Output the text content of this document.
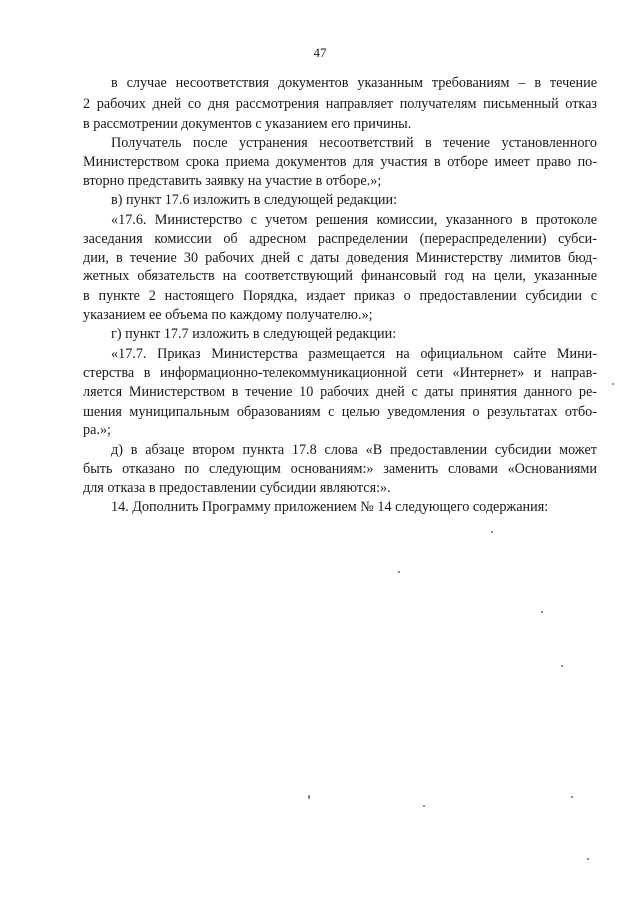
47
в случае несоответствия документов указанным требованиям – в течение
2 рабочих дней со дня рассмотрения направляет получателям письменный отказ
в рассмотрении документов с указанием его причины.
Получатель после устранения несоответствий в течение установленного
Министерством срока приема документов для участия в отборе имеет право по-
вторно представить заявку на участие в отборе.»;
в) пункт 17.6 изложить в следующей редакции:
«17.6. Министерство с учетом решения комиссии, указанного в протоколе
заседания комиссии об адресном распределении (перераспределении) субси-
дии, в течение 30 рабочих дней с даты доведения Министерству лимитов бюд-
жетных обязательств на соответствующий финансовый год на цели, указанные
в пункте 2 настоящего Порядка, издает приказ о предоставлении субсидии с
указанием ее объема по каждому получателю.»;
г) пункт 17.7 изложить в следующей редакции:
«17.7. Приказ Министерства размещается на официальном сайте Мини-
стерства в информационно-телекоммуникационной сети «Интернет» и направ-
ляется Министерством в течение 10 рабочих дней с даты принятия данного ре-
шения муниципальным образованиям с целью уведомления о результатах отбо-
ра.»;
д) в абзаце втором пункта 17.8 слова «В предоставлении субсидии может
быть отказано по следующим основаниям:» заменить словами «Основаниями
для отказа в предоставлении субсидии являются:».
14. Дополнить Программу приложением № 14 следующего содержания:
